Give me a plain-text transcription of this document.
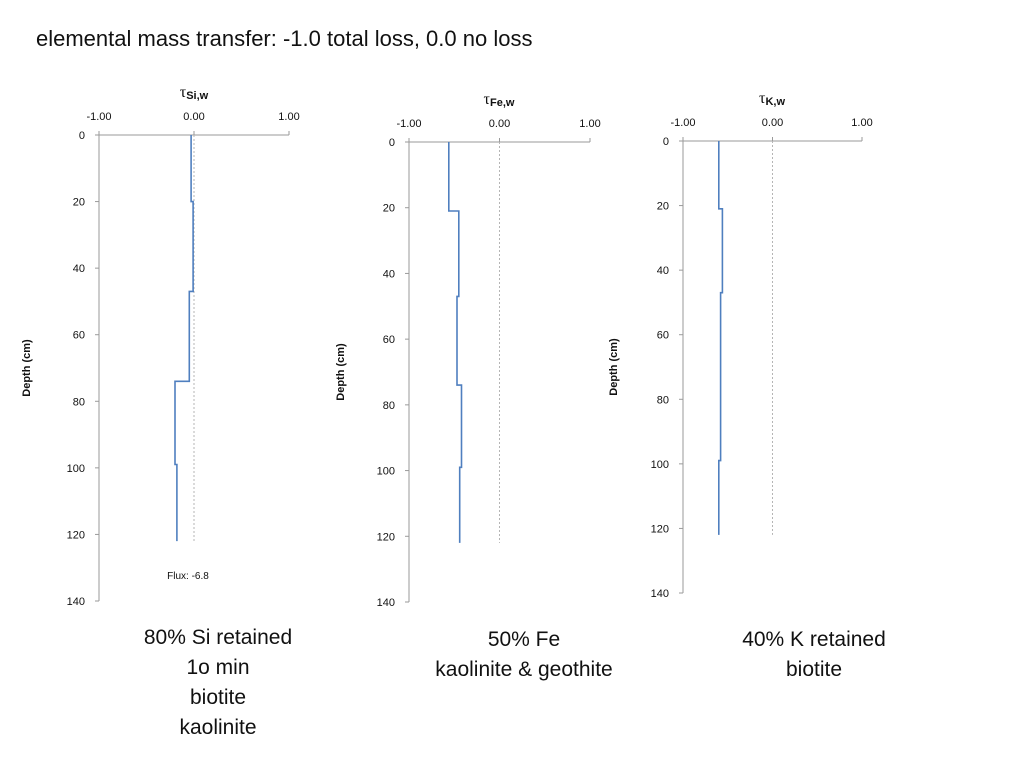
elemental mass transfer: -1.0 total loss, 0.0 no loss
τSi,w
-1.00	0.00	1.00
0
20
40
60
80
100
120
140
Depth (cm)
Flux: -6.8
τFe,w
-1.00	0.00	1.00
0
20
40
60
80
100
120
140
Depth (cm)
τK,w
-1.00	0.00	1.00
0
20
40
60
80
100
120
140
Depth (cm)
80% Si retained
1o min
biotite
kaolinite
50% Fe
kaolinite & geothite
40% K retained
biotite
